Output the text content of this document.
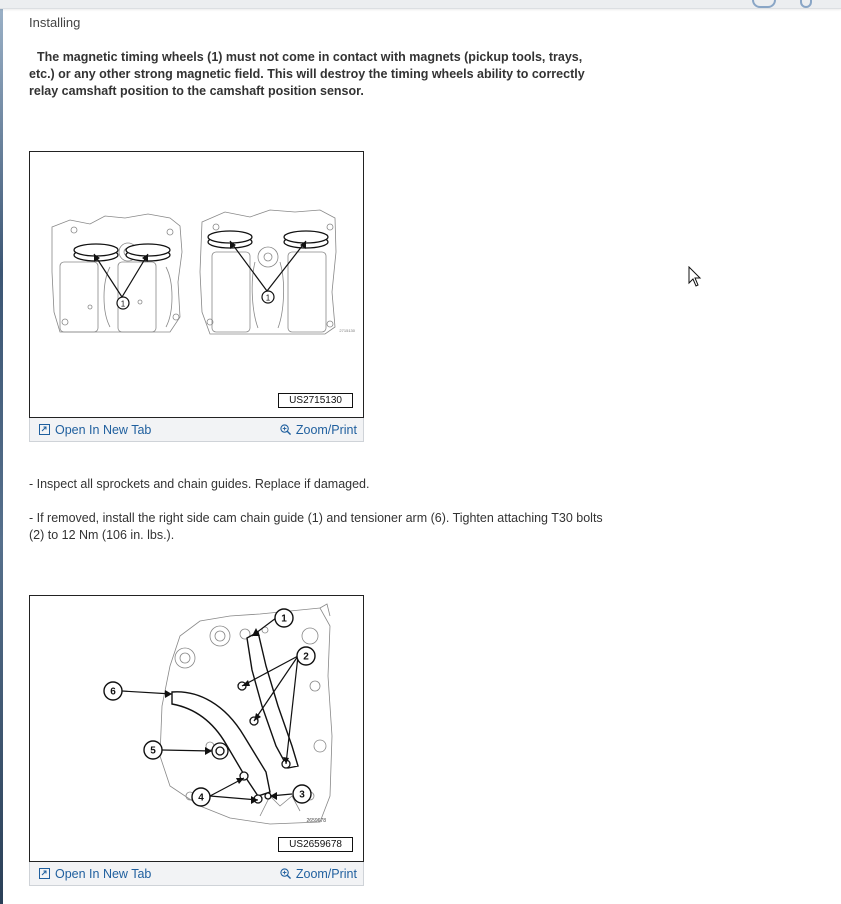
Installing
The magnetic timing wheels (1) must not come in contact with magnets (pickup tools, trays, etc.) or any other strong magnetic field. This will destroy the timing wheels ability to correctly relay camshaft position to the camshaft position sensor.
1
1
2715130
US2715130
Open In New Tab	Zoom/Print
- Inspect all sprockets and chain guides. Replace if damaged.
- If removed, install the right side cam chain guide (1) and tensioner arm (6). Tighten attaching T30 bolts (2) to 12 Nm (106 in. lbs.).
1
2
3
4
5
6
2659678
US2659678
Open In New Tab	Zoom/Print
